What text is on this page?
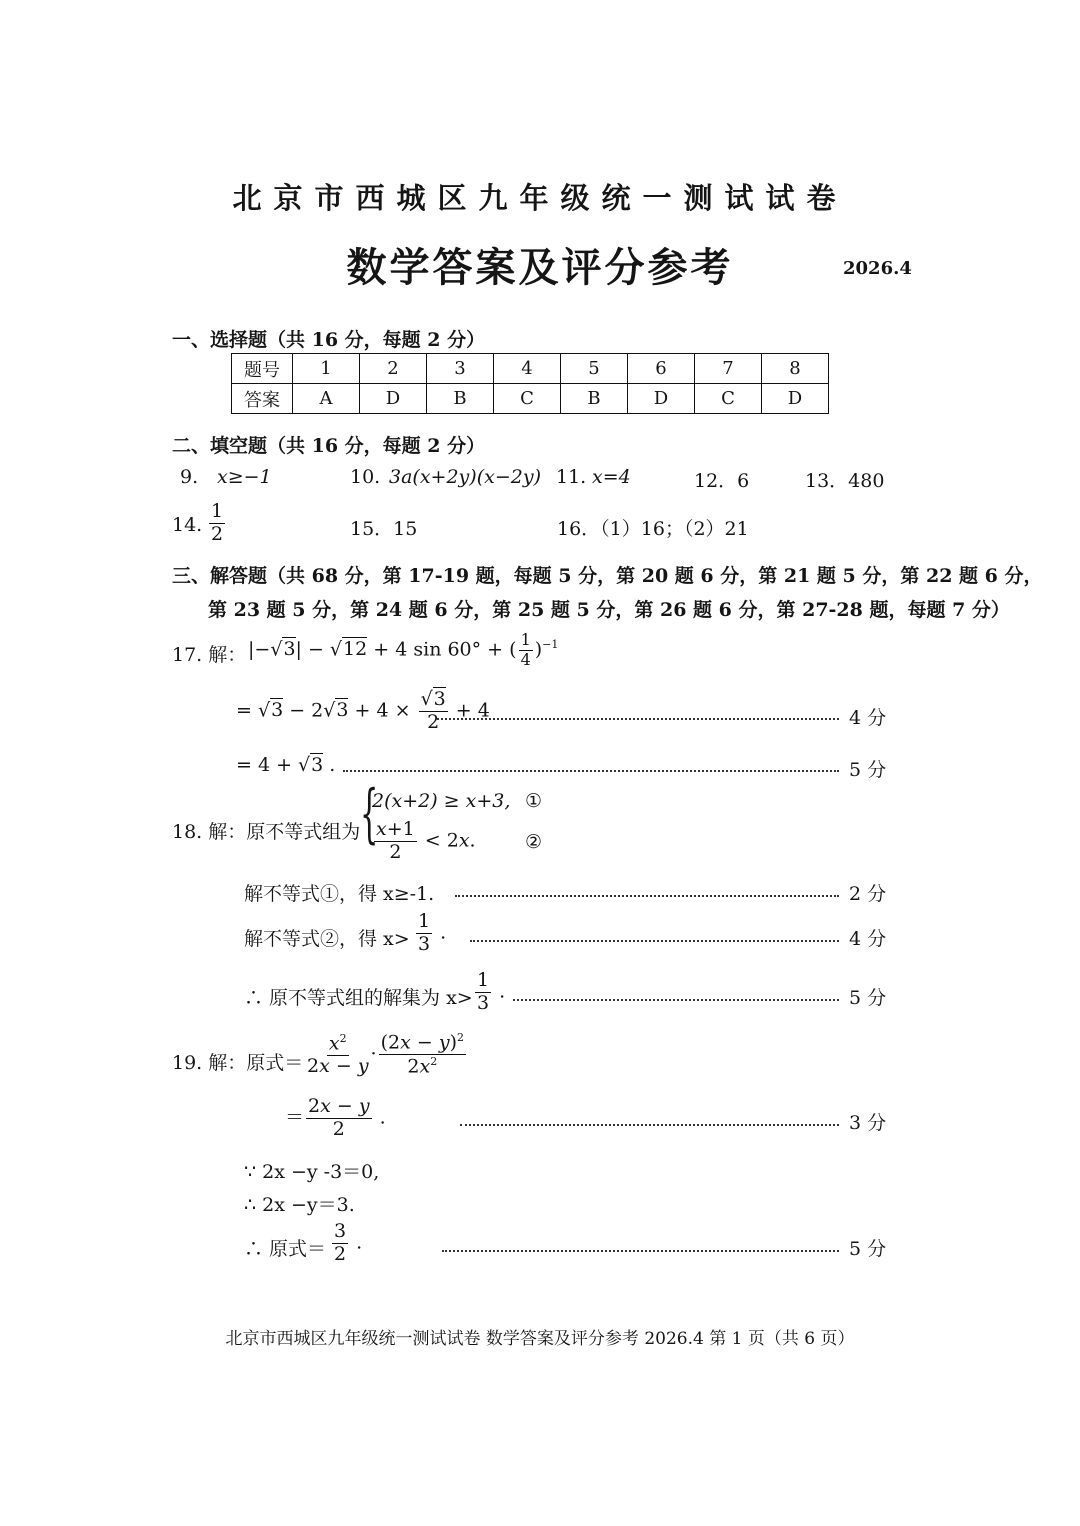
北京市西城区九年级统一测试试卷
数学答案及评分参考	2026.4
一、选择题（共 16 分，每题 2 分）
题号	1	2	3	4	5	6	7	8
答案	A	D	B	C	B	D	C	D
二、填空题（共 16 分，每题 2 分）
9. x≥−1	10. 3a(x+2y)(x−2y) 11. x=4	12．6	13．480
14. $\frac{1}{2}$	15．15	16．（1）16；（2）21
三、解答题（共 68 分，第 17-19 题，每题 5 分，第 20 题 6 分，第 21 题 5 分，第 22 题 6 分，
第 23 题 5 分，第 24 题 6 分，第 25 题 5 分，第 26 题 6 分，第 27-28 题，每题 7 分）
17. 解： |−√3| − √12 + 4 sin 60° + ( $\frac{1}{4} )^{-1}$
= $√3 - 2√3 + 4 \times \frac{√3}{2} + 4$	4 分
= 4 + √3 .	5 分
18. 解：原不等式组为 {
2(x+2) ≥ x+3, ①
$\frac{x+1}{2} < 2x$.	②
解不等式①，得 x≥-1.	2 分
解不等式②，得 $x> \frac{1}{3}$ .	4 分
∴ 原不等式组的解集为 $x> \frac{1}{3}$ .	5 分
19. 解：原式＝ $\frac{x^2}{2x - y} \cdot \frac{(2x - y)^2}{2x^2}$
＝ $\frac{2x - y}{2}$ .	3 分
∵ 2x −y -3＝0,
∴ 2x −y＝3.
∴ 原式＝ $\frac{3}{2}$ .	5 分
北京市西城区九年级统一测试试卷 数学答案及评分参考 2026.4 第 1 页（共 6 页）
